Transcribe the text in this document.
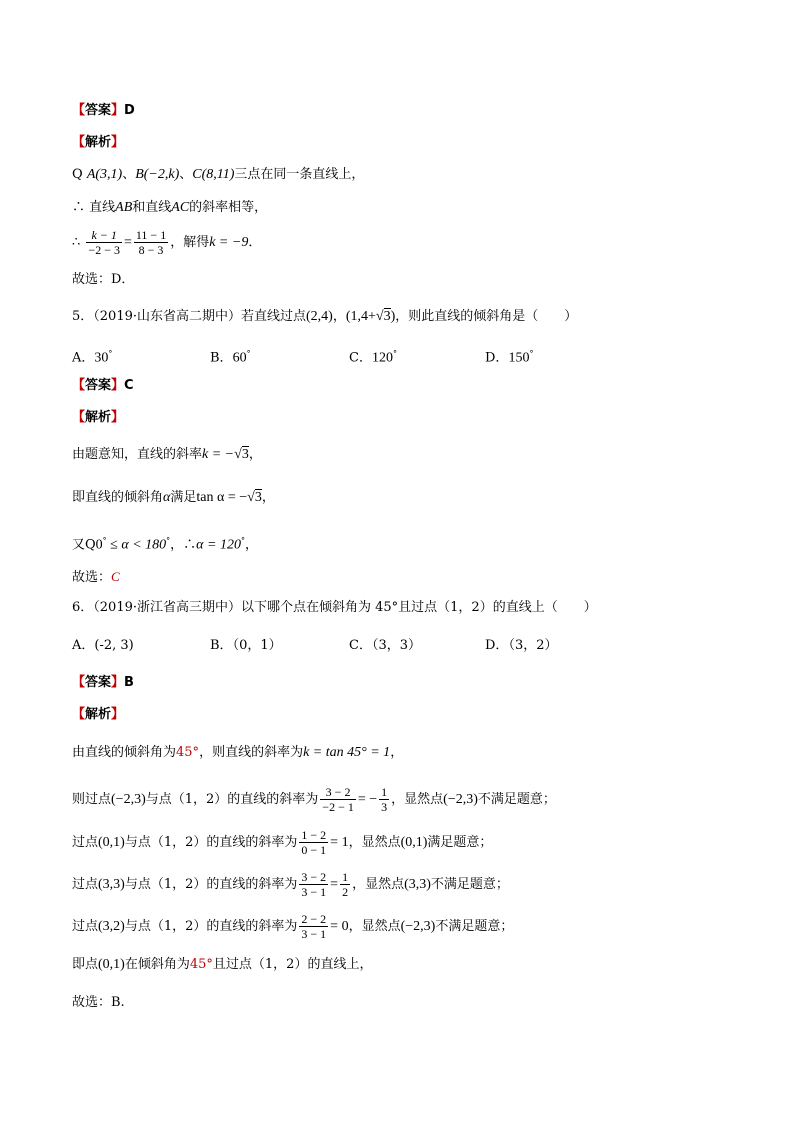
【答案】D
【解析】
Q A(3,1)、B(−2,k)、C(8,11)三点在同一条直线上，
∴ 直线AB和直线AC的斜率相等，
∴ $\frac{k - 1}{-2 - 3} = \frac{11 - 1}{8 - 3}$ ，解得k = −9．
故选：D．
5．（2019·山东省高二期中）若直线过点(2,4)，(1,4+√3)，则此直线的倾斜角是（　　）
A．30°	B．60°	C．120°	D．150°
【答案】C
【解析】
由题意知，直线的斜率k = −√3，
即直线的倾斜角α满足tan α = −√3，
又Q0° ≤ α < 180°，∴α = 120°，
故选：C
6．（2019·浙江省高三期中）以下哪个点在倾斜角为 45°且过点（1，2）的直线上（　　）
A．(-2, 3)	B．（0，1）	C．（3，3）	D．（3，2）
【答案】B
【解析】
由直线的倾斜角为45°，则直线的斜率为k = tan 45° = 1，
则过点(−2,3)与点（1，2）的直线的斜率为 $\frac{3 - 2}{-2 - 1}$ = − $\frac{1}{3}$ ，显然点(−2,3)不满足题意；
过点(0,1)与点（1，2）的直线的斜率为 $\frac{1 - 2}{0 - 1} = 1$，显然点(0,1)满足题意；
过点(3,3)与点（1，2）的直线的斜率为 $\frac{3 - 2}{3 - 1} = \frac{1}{2}$ ，显然点(3,3)不满足题意；
过点(3,2)与点（1，2）的直线的斜率为 $\frac{2 - 2}{3 - 1} = 0$，显然点(−2,3)不满足题意；
即点(0,1)在倾斜角为45°且过点（1，2）的直线上，
故选：B.
